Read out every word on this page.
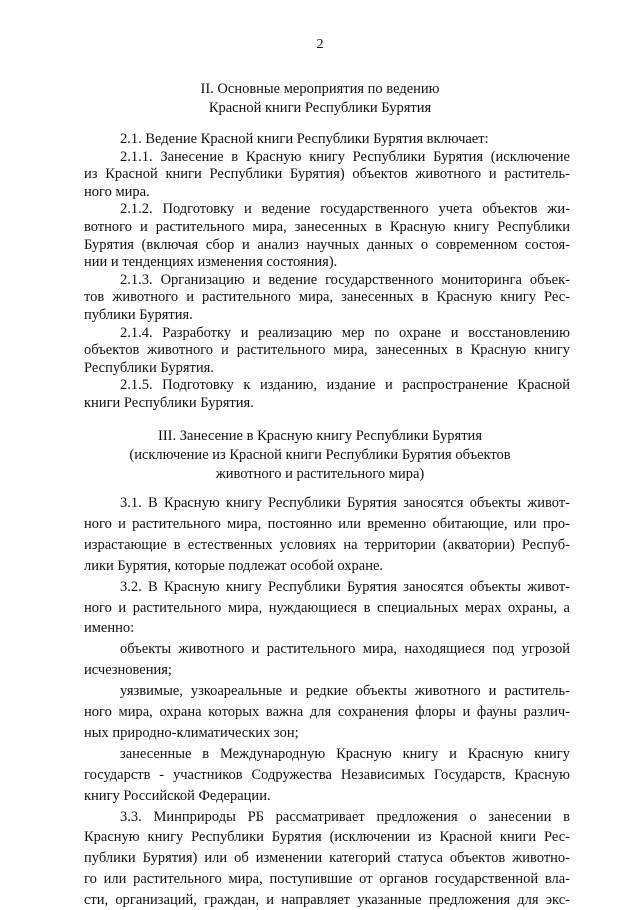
2
II. Основные мероприятия по ведению
Красной книги Республики Бурятия
2.1. Ведение Красной книги Республики Бурятия включает:
2.1.1. Занесение в Красную книгу Республики Бурятия (исключение
из Красной книги Республики Бурятия) объектов животного и раститель-
ного мира.
2.1.2. Подготовку и ведение государственного учета объектов жи-
вотного и растительного мира, занесенных в Красную книгу Республики
Бурятия (включая сбор и анализ научных данных о современном состоя-
нии и тенденциях изменения состояния).
2.1.3. Организацию и ведение государственного мониторинга объек-
тов животного и растительного мира, занесенных в Красную книгу Рес-
публики Бурятия.
2.1.4. Разработку и реализацию мер по охране и восстановлению
объектов животного и растительного мира, занесенных в Красную книгу
Республики Бурятия.
2.1.5. Подготовку к изданию, издание и распространение Красной
книги Республики Бурятия.
III. Занесение в Красную книгу Республики Бурятия
(исключение из Красной книги Республики Бурятия объектов
животного и растительного мира)
3.1. В Красную книгу Республики Бурятия заносятся объекты живот-
ного и растительного мира, постоянно или временно обитающие, или про-
израстающие в естественных условиях на территории (акватории) Респуб-
лики Бурятия, которые подлежат особой охране.
3.2. В Красную книгу Республики Бурятия заносятся объекты живот-
ного и растительного мира, нуждающиеся в специальных мерах охраны, а
именно:
объекты животного и растительного мира, находящиеся под угрозой
исчезновения;
уязвимые, узкоареальные и редкие объекты животного и раститель-
ного мира, охрана которых важна для сохранения флоры и фауны различ-
ных природно-климатических зон;
занесенные в Международную Красную книгу и Красную книгу
государств - участников Содружества Независимых Государств, Красную
книгу Российской Федерации.
3.3. Минприроды РБ рассматривает предложения о занесении в
Красную книгу Республики Бурятия (исключении из Красной книги Рес-
публики Бурятия) или об изменении категорий статуса объектов животно-
го или растительного мира, поступившие от органов государственной вла-
сти, организаций, граждан, и направляет указанные предложения для экс-
